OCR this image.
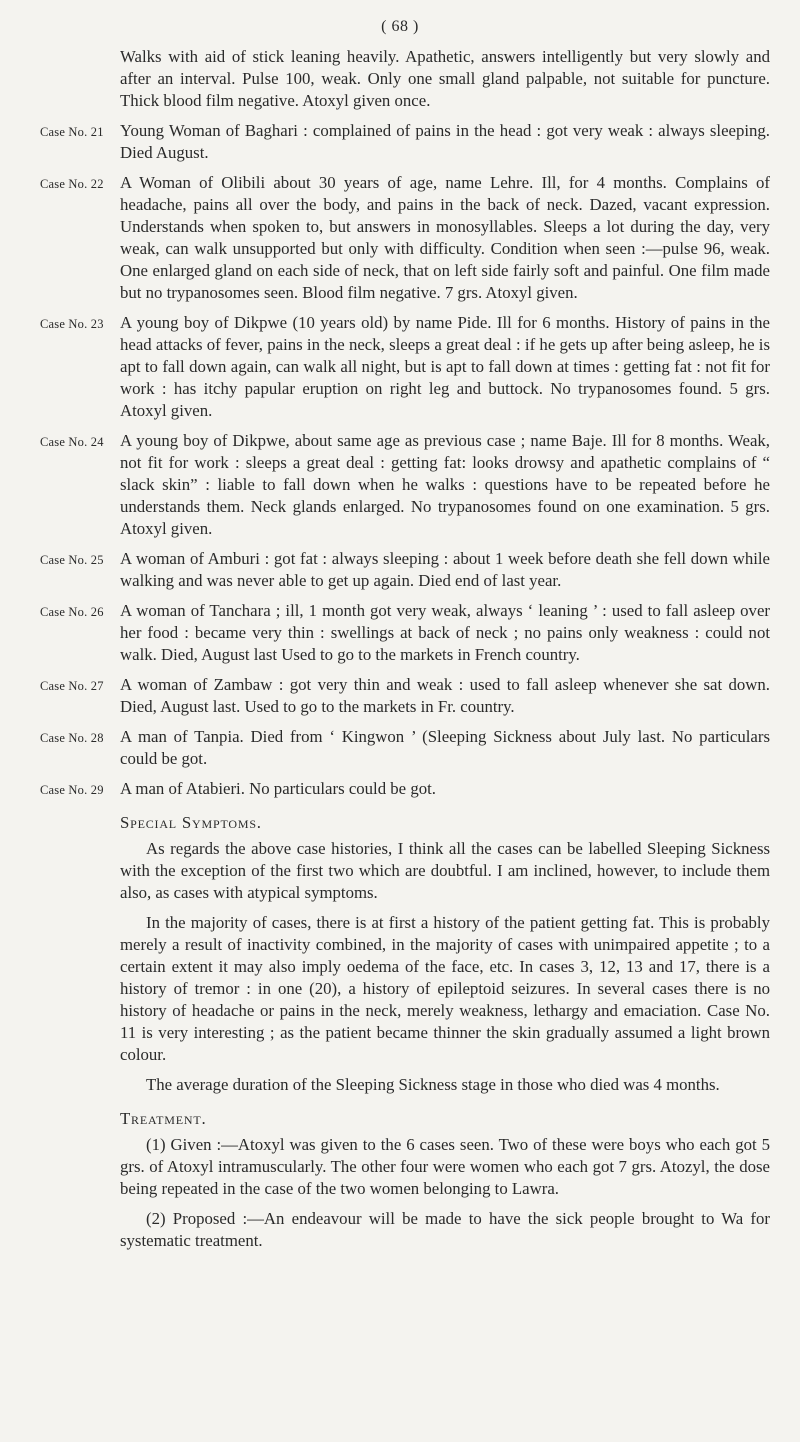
( 68 )

Walks with aid of stick leaning heavily. Apathetic, answers intelligently but very slowly and after an interval. Pulse 100, weak. Only one small gland palpable, not suitable for puncture. Thick blood film negative. Atoxyl given once.

Case No. 21 Young Woman of Baghari : complained of pains in the head : got very weak : always sleeping. Died August.

Case No. 22 A Woman of Olibili about 30 years of age, name Lehre. Ill, for 4 months. Complains of headache, pains all over the body, and pains in the back of neck. Dazed, vacant expression. Understands when spoken to, but answers in monosyllables. Sleeps a lot during the day, very weak, can walk unsupported but only with difficulty. Condition when seen :—pulse 96, weak. One enlarged gland on each side of neck, that on left side fairly soft and painful. One film made but no trypanosomes seen. Blood film negative. 7 grs. Atoxyl given.

Case No. 23 A young boy of Dikpwe (10 years old) by name Pide. Ill for 6 months. History of pains in the head attacks of fever, pains in the neck, sleeps a great deal : if he gets up after being asleep, he is apt to fall down again, can walk all night, but is apt to fall down at times : getting fat : not fit for work : has itchy papular eruption on right leg and buttock. No trypanosomes found. 5 grs. Atoxyl given.

Case No. 24 A young boy of Dikpwe, about same age as previous case ; name Baje. Ill for 8 months. Weak, not fit for work : sleeps a great deal : getting fat: looks drowsy and apathetic complains of “ slack skin” : liable to fall down when he walks : questions have to be repeated before he understands them. Neck glands enlarged. No trypanosomes found on one examination. 5 grs. Atoxyl given.

Case No. 25 A woman of Amburi : got fat : always sleeping : about 1 week before death she fell down while walking and was never able to get up again. Died end of last year.

Case No. 26 A woman of Tanchara ; ill, 1 month got very weak, always ‘ leaning ’ : used to fall asleep over her food : became very thin : swellings at back of neck ; no pains only weakness : could not walk. Died, August last Used to go to the markets in French country.

Case No. 27 A woman of Zambaw : got very thin and weak : used to fall asleep whenever she sat down. Died, August last. Used to go to the markets in Fr. country.

Case No. 28 A man of Tanpia. Died from ‘ Kingwon ’ (Sleeping Sickness about July last. No particulars could be got.

Case No. 29 A man of Atabieri. No particulars could be got.

Special Symptoms.

As regards the above case histories, I think all the cases can be labelled Sleeping Sickness with the exception of the first two which are doubtful. I am inclined, however, to include them also, as cases with atypical symptoms.

In the majority of cases, there is at first a history of the patient getting fat. This is probably merely a result of inactivity combined, in the majority of cases with unimpaired appetite ; to a certain extent it may also imply oedema of the face, etc. In cases 3, 12, 13 and 17, there is a history of tremor : in one (20), a history of epileptoid seizures. In several cases there is no history of headache or pains in the neck, merely weakness, lethargy and emaciation. Case No. 11 is very interesting ; as the patient became thinner the skin gradually assumed a light brown colour.

The average duration of the Sleeping Sickness stage in those who died was 4 months.

Treatment.

(1) Given :—Atoxyl was given to the 6 cases seen. Two of these were boys who each got 5 grs. of Atoxyl intramuscularly. The other four were women who each got 7 grs. Atozyl, the dose being repeated in the case of the two women belonging to Lawra.

(2) Proposed :—An endeavour will be made to have the sick people brought to Wa for systematic treatment.
